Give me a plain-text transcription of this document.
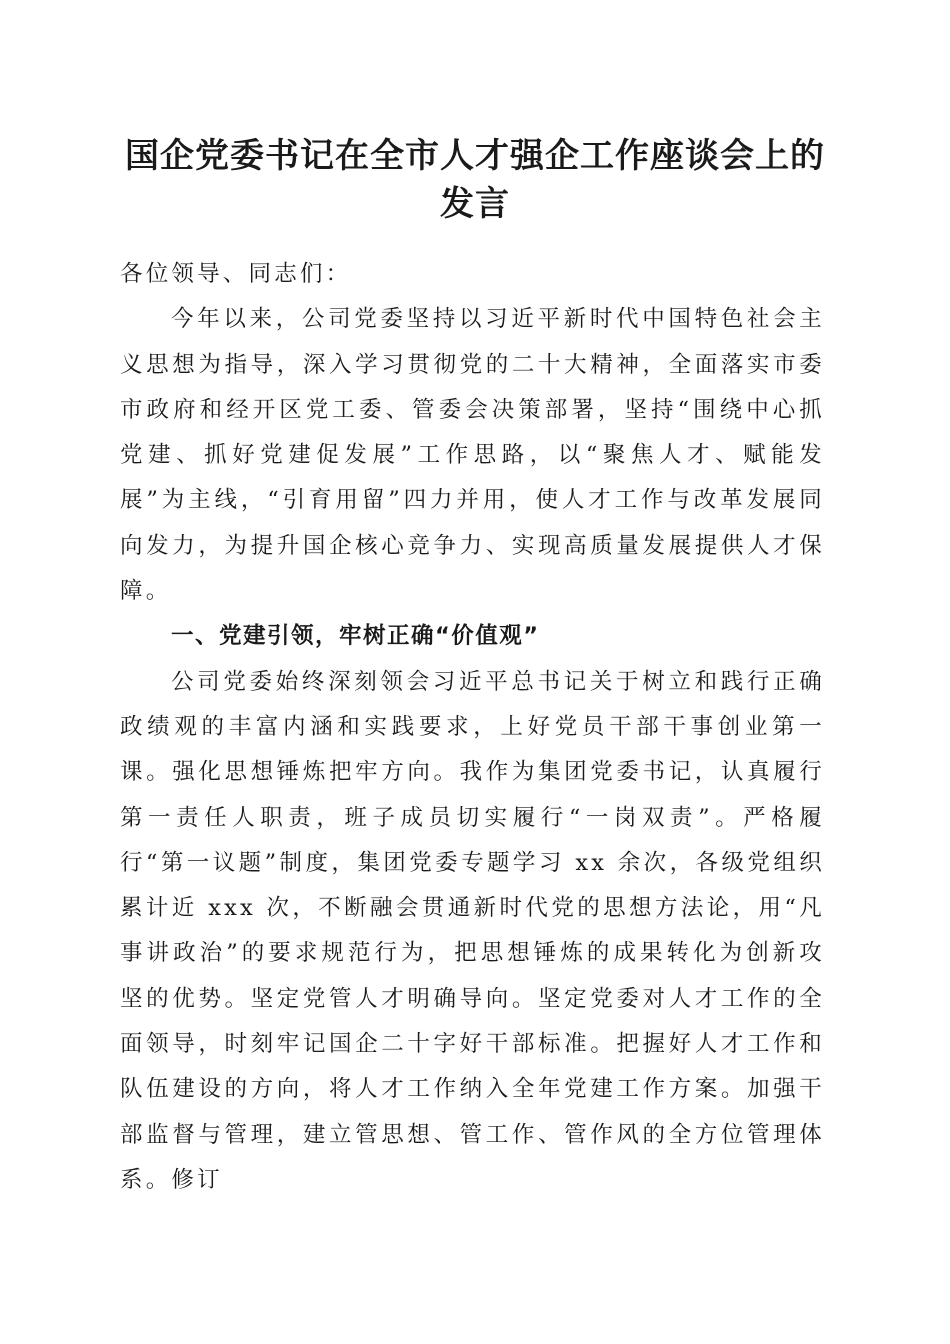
国企党委书记在全市人才强企工作座谈会上的
发言

各位领导、同志们：

今年以来，公司党委坚持以习近平新时代中国特色社会主义思想为指导，深入学习贯彻党的二十大精神，全面落实市委市政府和经开区党工委、管委会决策部署，坚持“围绕中心抓党建、抓好党建促发展”工作思路，以“聚焦人才、赋能发展”为主线，“引育用留”四力并用，使人才工作与改革发展同向发力，为提升国企核心竞争力、实现高质量发展提供人才保障。

一、党建引领，牢树正确“价值观”

公司党委始终深刻领会习近平总书记关于树立和践行正确政绩观的丰富内涵和实践要求，上好党员干部干事创业第一课。强化思想锤炼把牢方向。我作为集团党委书记，认真履行第一责任人职责，班子成员切实履行“一岗双责”。严格履行“第一议题”制度，集团党委专题学习 xx 余次，各级党组织累计近 xxx 次，不断融会贯通新时代党的思想方法论，用“凡事讲政治”的要求规范行为，把思想锤炼的成果转化为创新攻坚的优势。坚定党管人才明确导向。坚定党委对人才工作的全面领导，时刻牢记国企二十字好干部标准。把握好人才工作和队伍建设的方向，将人才工作纳入全年党建工作方案。加强干部监督与管理，建立管思想、管工作、管作风的全方位管理体系。修订
